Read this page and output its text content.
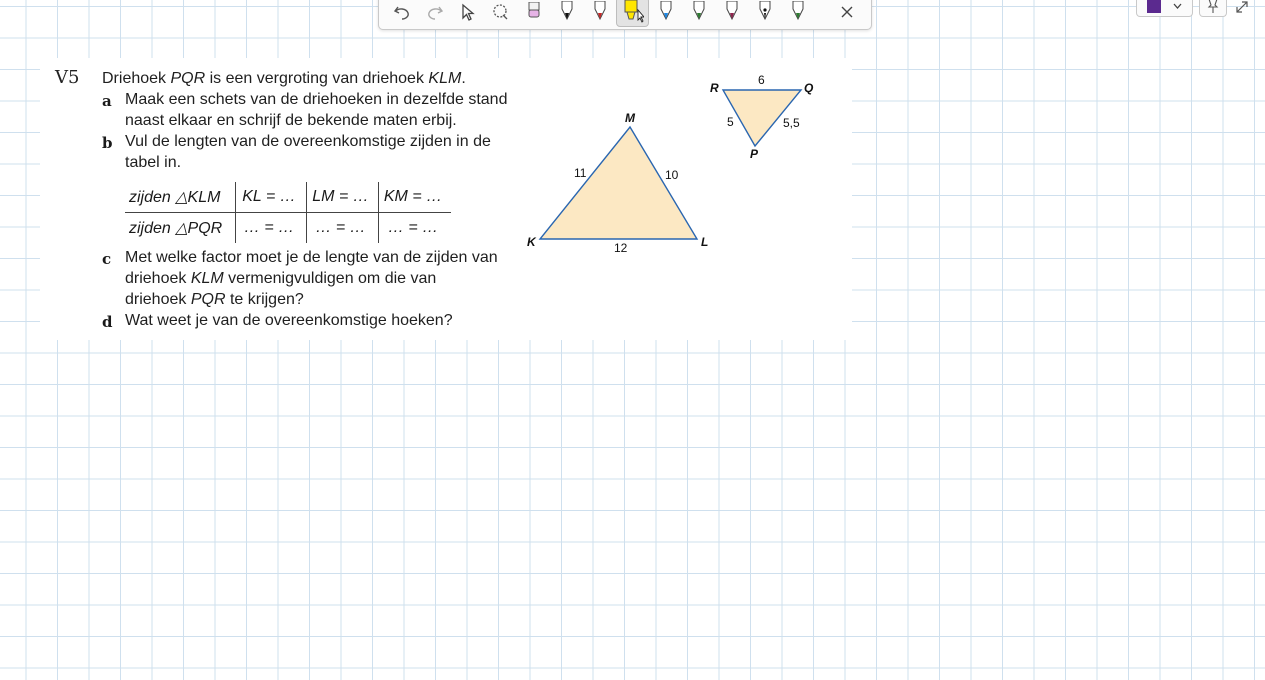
V5 Driehoek PQR is een vergroting van driehoek KLM.
a Maak een schets van de driehoeken in dezelfde stand
naast elkaar en schrijf de bekende maten erbij.
b Vul de lengten van de overeenkomstige zijden in de
tabel in.
zijden △KLM	KL = …	LM = …	KM = …
zijden △PQR	… = …	… = …	… = …
c Met welke factor moet je de lengte van de zijden van
driehoek KLM vermenigvuldigen om die van
driehoek PQR te krijgen?
d Wat weet je van de overeenkomstige hoeken?
K	L
M
11	10
12
R	Q
P
6
5	5,5
